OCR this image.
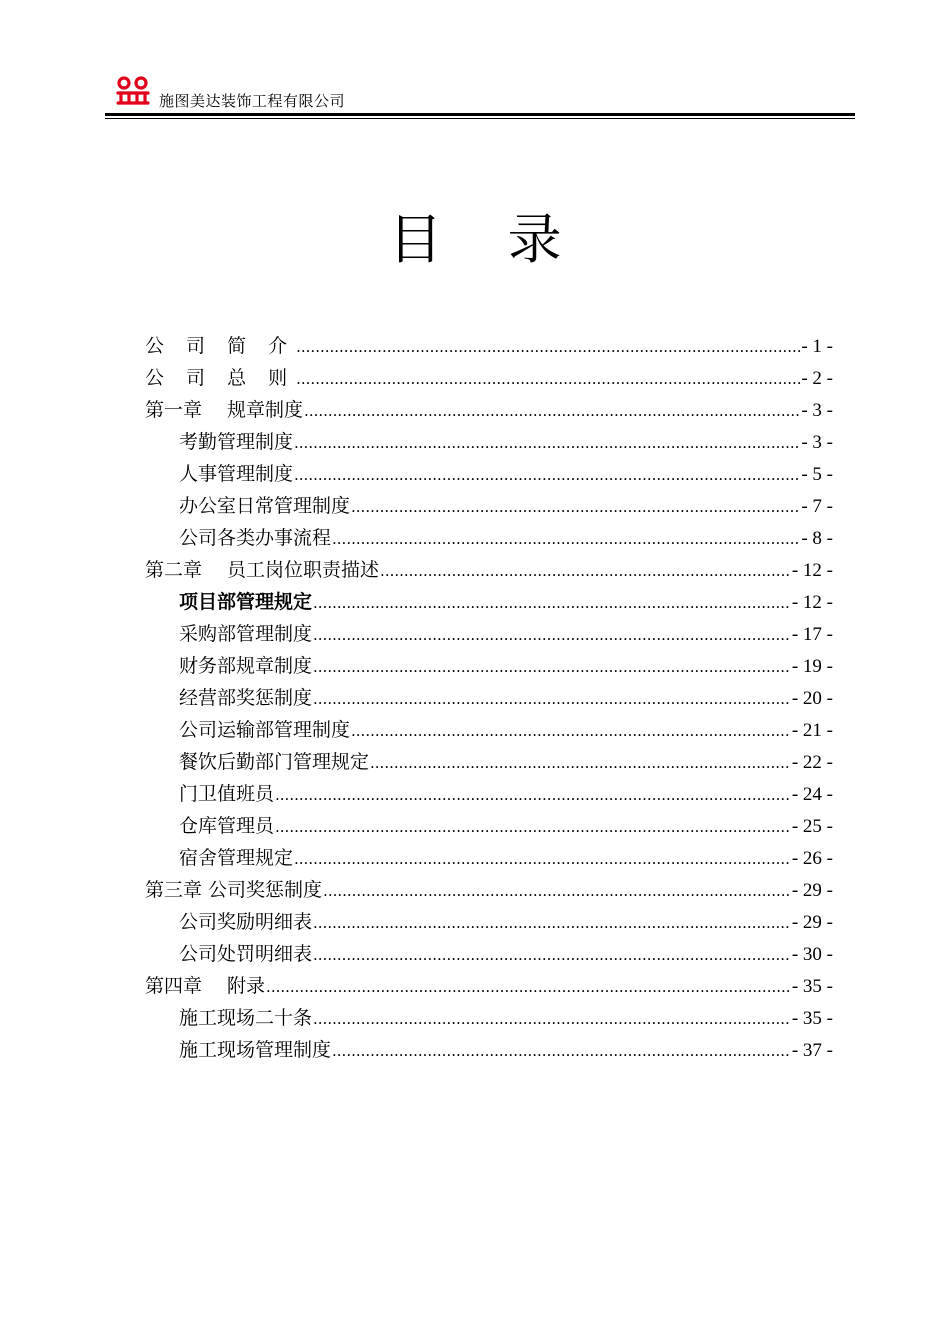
施图美达装饰工程有限公司
目 录
公 司 简 介 .....	- 1 -
公 司 总 则 .....	- 2 -
第一章　 规章制度 .....	- 3 -
考勤管理制度 .....	- 3 -
人事管理制度 .....	- 5 -
办公室日常管理制度 .....	- 7 -
公司各类办事流程 .....	- 8 -
第二章　 员工岗位职责描述 .....	- 12 -
项目部管理规定 .....	- 12 -
采购部管理制度 .....	- 17 -
财务部规章制度 .....	- 19 -
经营部奖惩制度 .....	- 20 -
公司运输部管理制度 .....	- 21 -
餐饮后勤部门管理规定 .....	- 22 -
门卫值班员 .....	- 24 -
仓库管理员 .....	- 25 -
宿舍管理规定 .....	- 26 -
第三章 公司奖惩制度 .....	- 29 -
公司奖励明细表 .....	- 29 -
公司处罚明细表 .....	- 30 -
第四章　 附录 .....	- 35 -
施工现场二十条 .....	- 35 -
施工现场管理制度 .....	- 37 -
